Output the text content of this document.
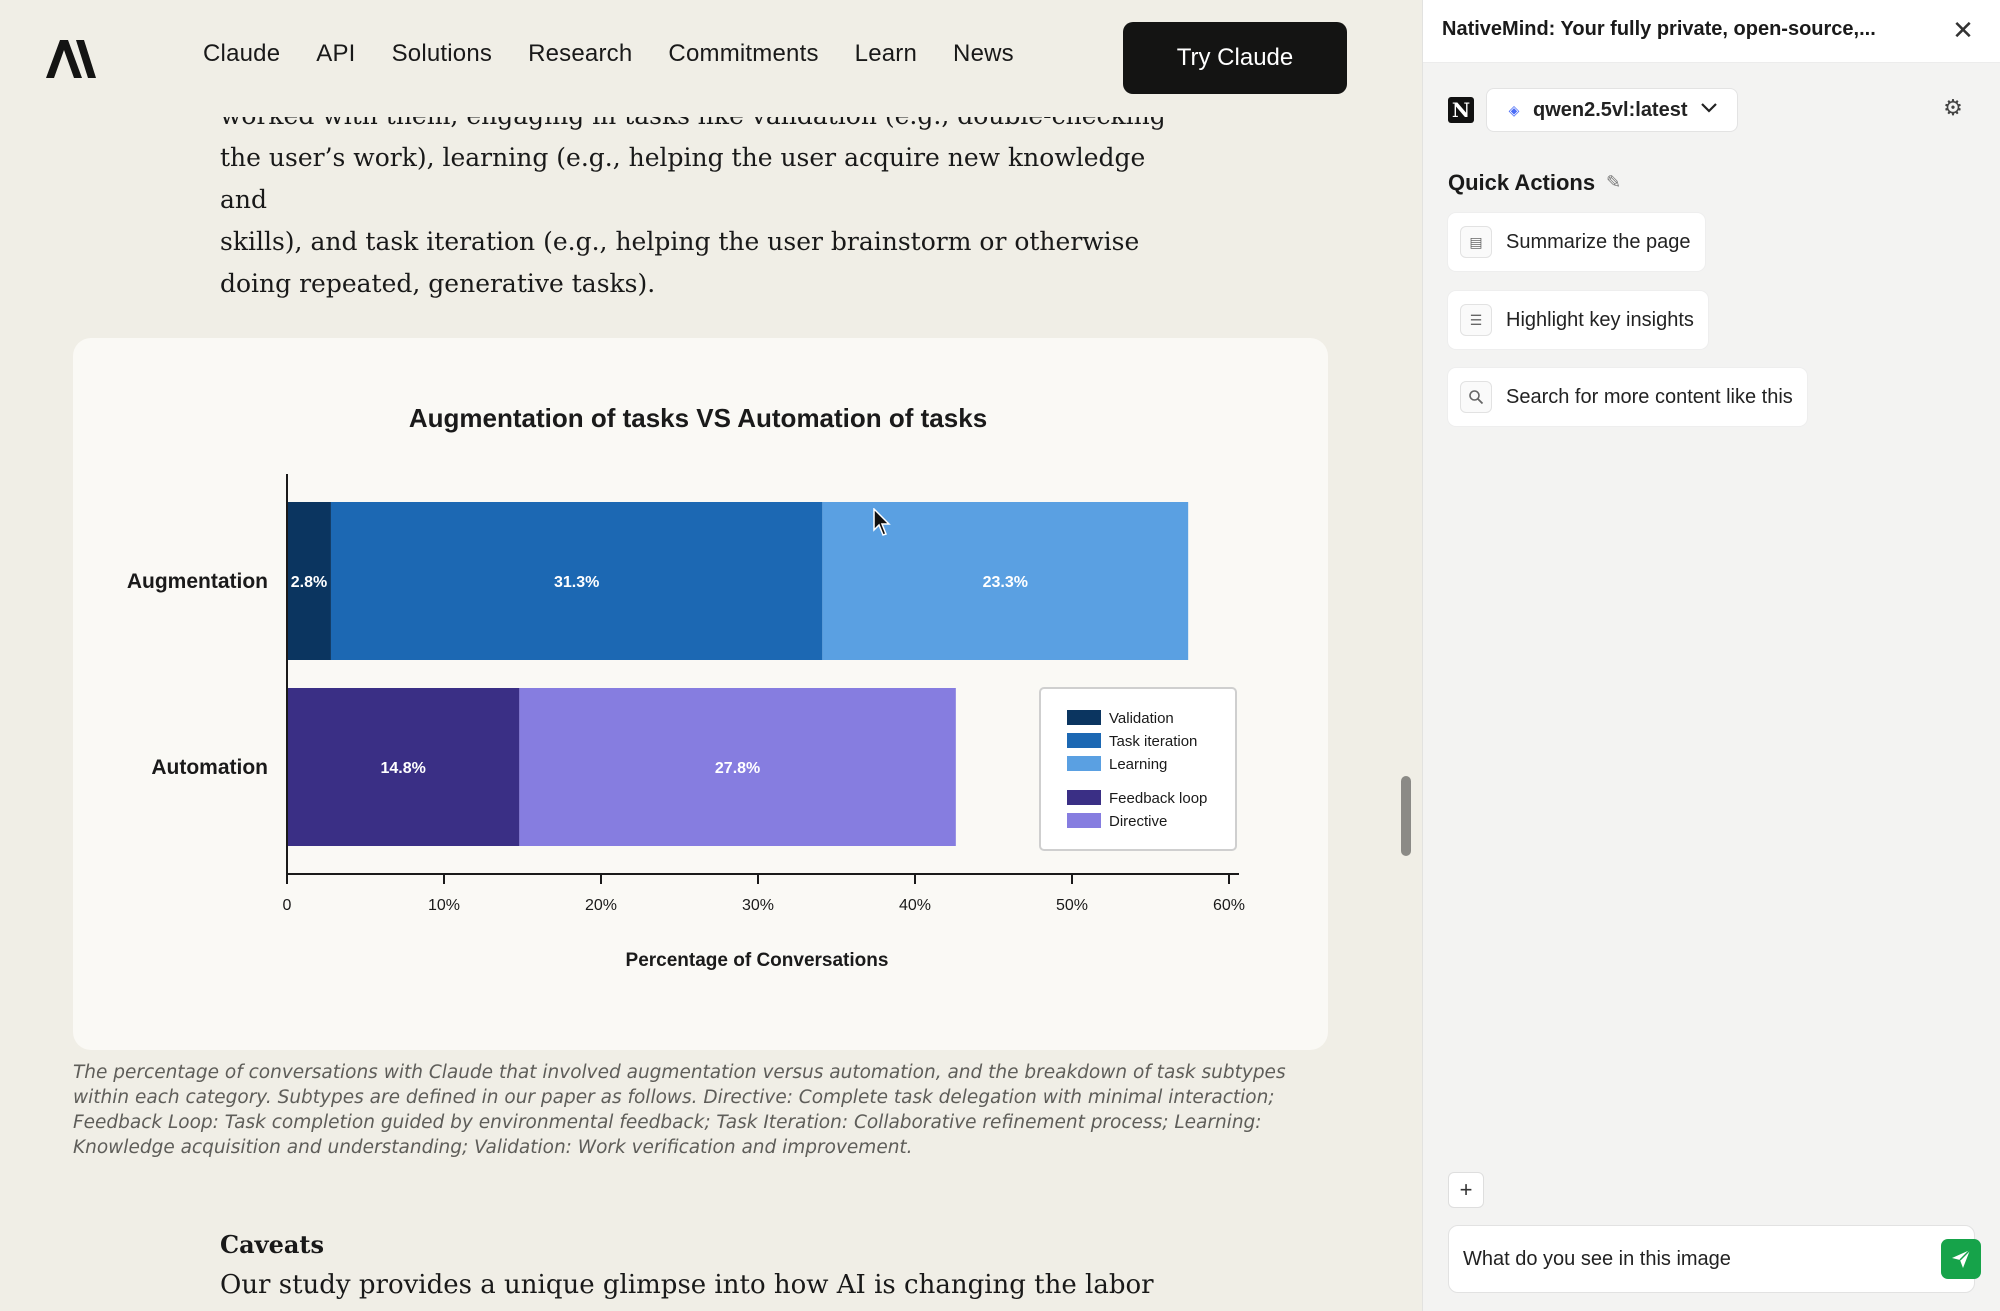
the user’s work), learning (e.g., helping the user acquire new knowledge and
skills), and task iteration (e.g., helping the user brainstorm or otherwise
doing repeated, generative tasks).
Claude API Solutions Research Commitments Learn News	Try Claude
Augmentation of tasks VS Automation of tasks
Percentage of Conversations
2.8%	31.3%	23.3%
14.8%	27.8%
Augmentation
Automation
0	10%	20%	30%	40%	50%	60%
Validation
Task iteration
Learning
Feedback loop
Directive
The percentage of conversations with Claude that involved augmentation versus automation, and the breakdown of task subtypes within each category. Subtypes are defined in our paper as follows. Directive: Complete task delegation with minimal interaction; Feedback Loop: Task completion guided by environmental feedback; Task Iteration: Collaborative refinement process; Learning: Knowledge acquisition and understanding; Validation: Work verification and improvement.
Caveats
Our study provides a unique glimpse into how AI is changing the labor
NativeMind: Your fully private, open-source,...	✕
N	◈ qwen2.5vl:latest	⚙
Quick Actions ✎
▤	Summarize the page
☰	Highlight key insights
Search for more content like this
+
What do you see in this image
